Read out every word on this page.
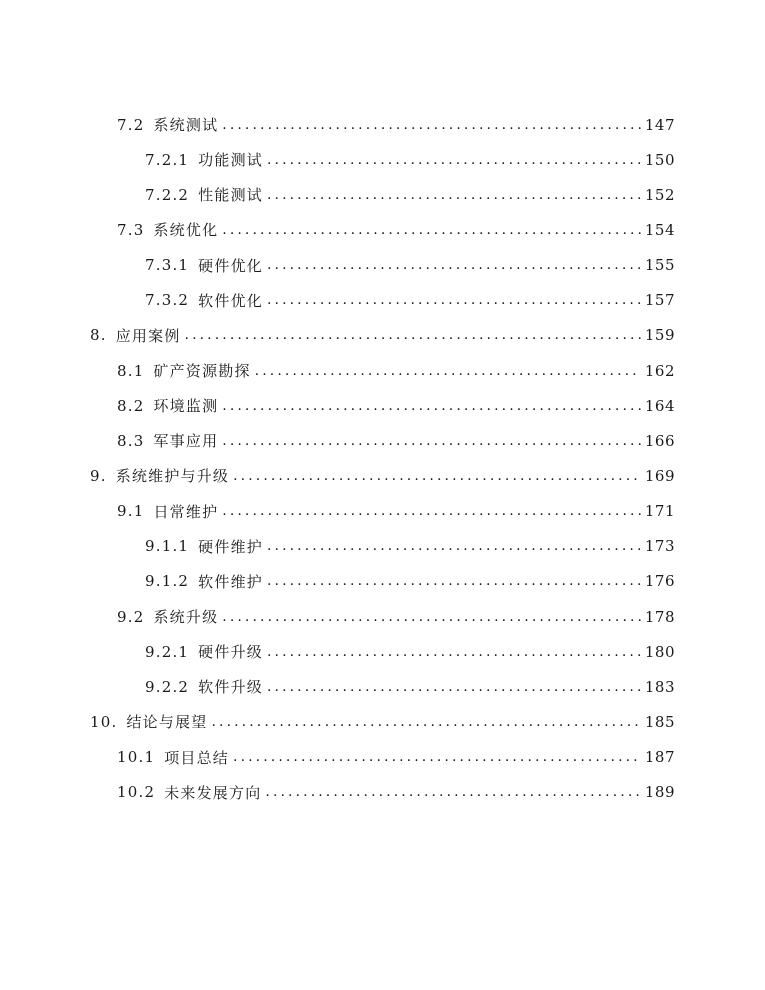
7.2 系统测试 .....	147
7.2.1 功能测试 .....	150
7.2.2 性能测试 .....	152
7.3 系统优化 .....	154
7.3.1 硬件优化 .....	155
7.3.2 软件优化 .....	157
8. 应用案例 .....	159
8.1 矿产资源勘探 .....	162
8.2 环境监测 .....	164
8.3 军事应用 .....	166
9. 系统维护与升级 .....	169
9.1 日常维护 .....	171
9.1.1 硬件维护 .....	173
9.1.2 软件维护 .....	176
9.2 系统升级 .....	178
9.2.1 硬件升级 .....	180
9.2.2 软件升级 .....	183
10. 结论与展望 .....	185
10.1 项目总结 .....	187
10.2 未来发展方向 .....	189
